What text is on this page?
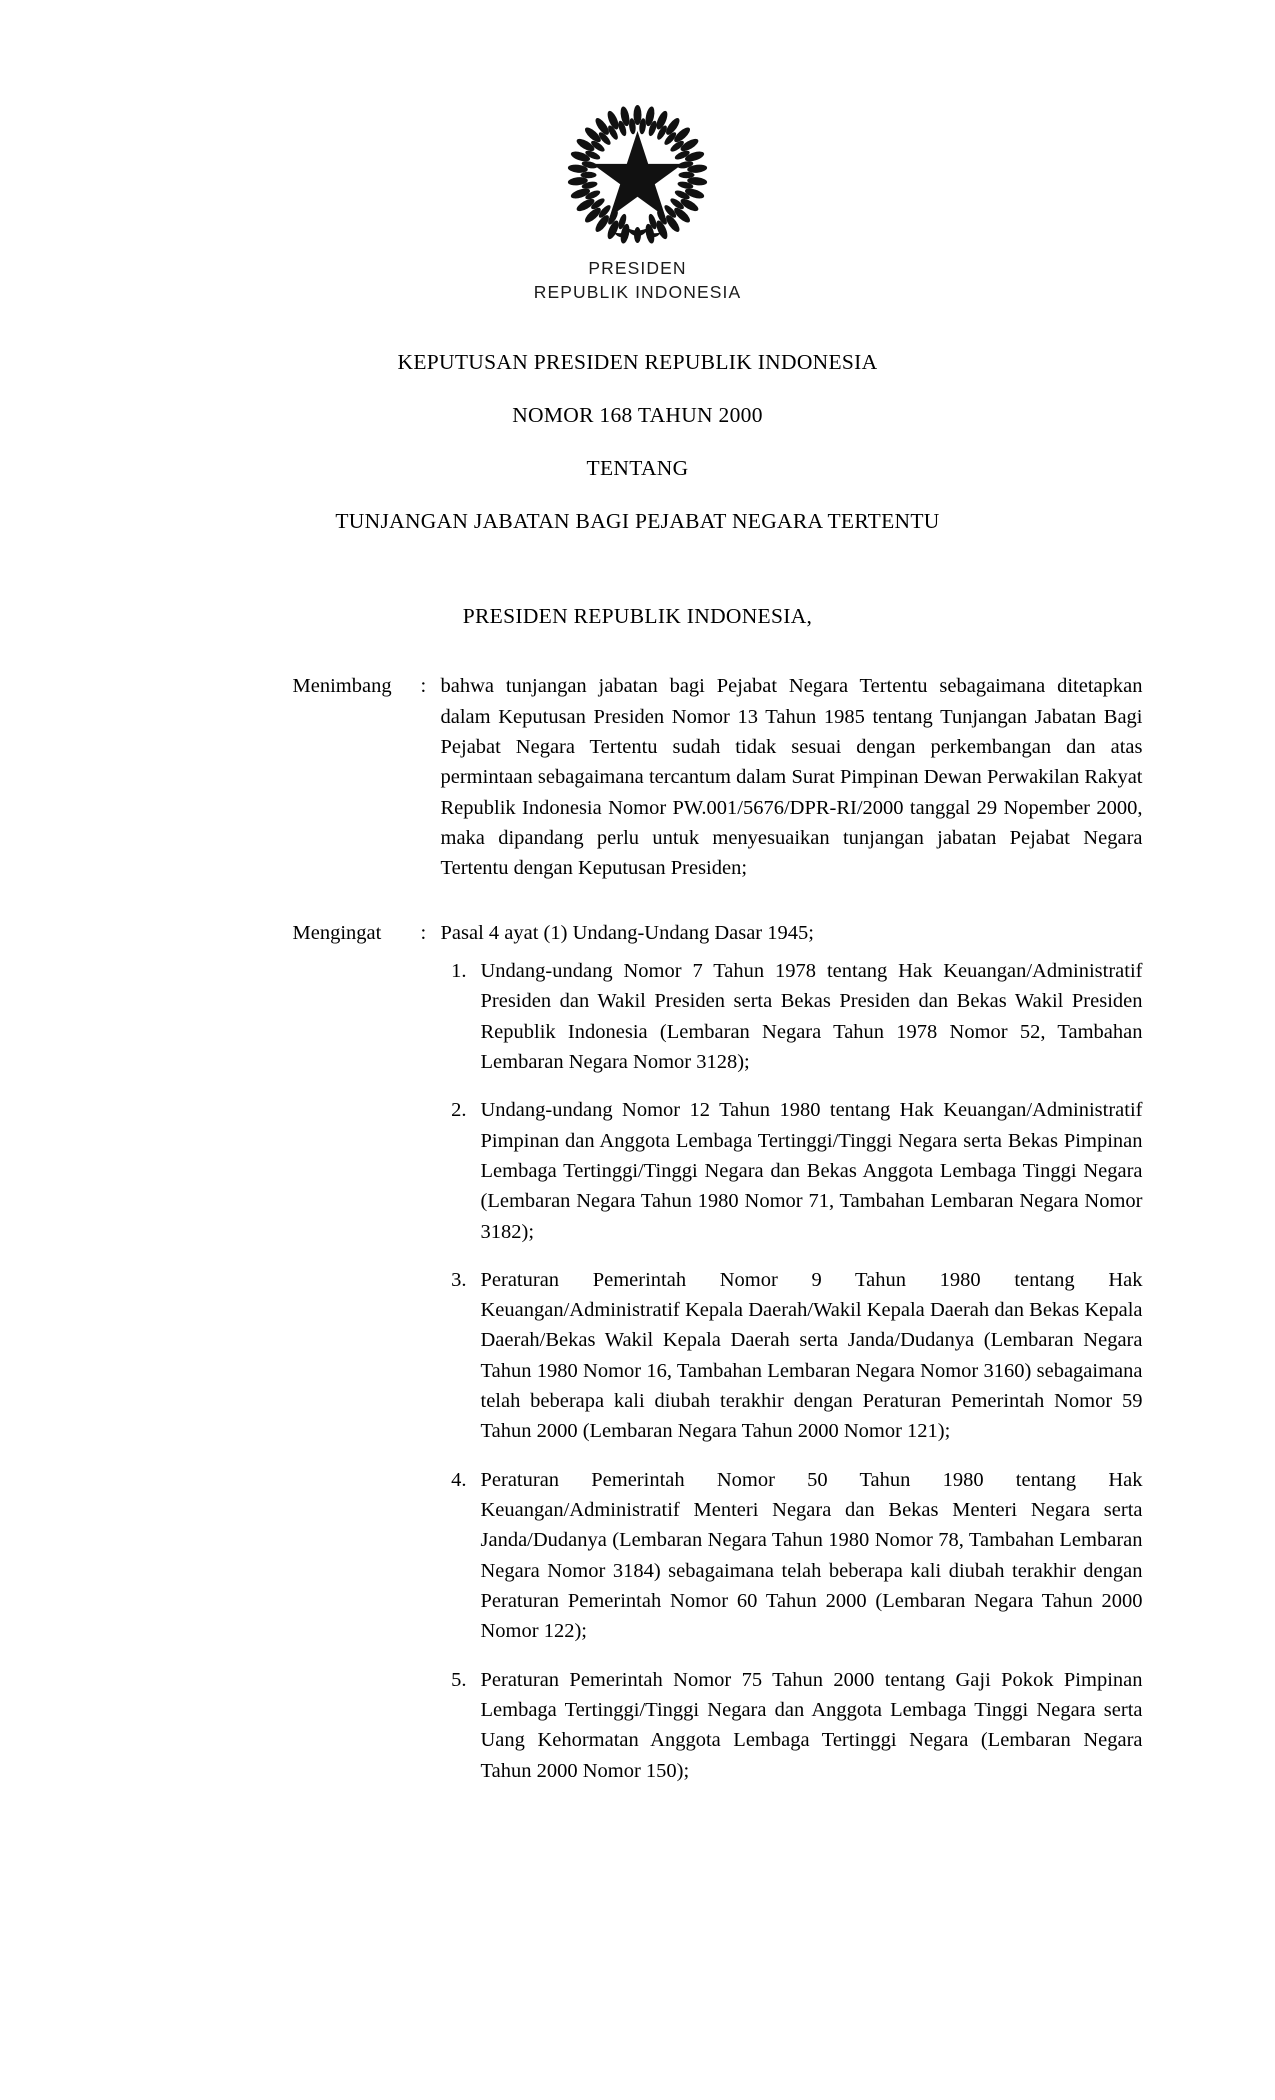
PRESIDEN
REPUBLIK INDONESIA
KEPUTUSAN PRESIDEN REPUBLIK INDONESIA
NOMOR 168 TAHUN 2000
TENTANG
TUNJANGAN JABATAN BAGI PEJABAT NEGARA TERTENTU
PRESIDEN REPUBLIK INDONESIA,
Menimbang	: bahwa tunjangan jabatan bagi Pejabat Negara Tertentu sebagaimana ditetapkan dalam Keputusan Presiden Nomor 13 Tahun 1985 tentang Tunjangan Jabatan Bagi Pejabat Negara Tertentu sudah tidak sesuai dengan perkembangan dan atas permintaan sebagaimana tercantum dalam Surat Pimpinan Dewan Perwakilan Rakyat Republik Indonesia Nomor PW.001/5676/DPR-RI/2000 tanggal 29 Nopember 2000, maka dipandang perlu untuk menyesuaikan tunjangan jabatan Pejabat Negara Tertentu dengan Keputusan Presiden;

Mengingat	: Pasal 4 ayat (1) Undang-Undang Dasar 1945;

1. Undang-undang Nomor 7 Tahun 1978 tentang Hak Keuangan/Administratif Presiden dan Wakil Presiden serta Bekas Presiden dan Bekas Wakil Presiden Republik Indonesia (Lembaran Negara Tahun 1978 Nomor 52, Tambahan Lembaran Negara Nomor 3128);
2. Undang-undang Nomor 12 Tahun 1980 tentang Hak Keuangan/Administratif Pimpinan dan Anggota Lembaga Tertinggi/Tinggi Negara serta Bekas Pimpinan Lembaga Tertinggi/Tinggi Negara dan Bekas Anggota Lembaga Tinggi Negara (Lembaran Negara Tahun 1980 Nomor 71, Tambahan Lembaran Negara Nomor 3182);
3. Peraturan Pemerintah Nomor 9 Tahun 1980 tentang Hak Keuangan/Administratif Kepala Daerah/Wakil Kepala Daerah dan Bekas Kepala Daerah/Bekas Wakil Kepala Daerah serta Janda/Dudanya (Lembaran Negara Tahun 1980 Nomor 16, Tambahan Lembaran Negara Nomor 3160) sebagaimana telah beberapa kali diubah terakhir dengan Peraturan Pemerintah Nomor 59 Tahun 2000 (Lembaran Negara Tahun 2000 Nomor 121);
4. Peraturan Pemerintah Nomor 50 Tahun 1980 tentang Hak Keuangan/Administratif Menteri Negara dan Bekas Menteri Negara serta Janda/Dudanya (Lembaran Negara Tahun 1980 Nomor 78, Tambahan Lembaran Negara Nomor 3184) sebagaimana telah beberapa kali diubah terakhir dengan Peraturan Pemerintah Nomor 60 Tahun 2000 (Lembaran Negara Tahun 2000 Nomor 122);
5. Peraturan Pemerintah Nomor 75 Tahun 2000 tentang Gaji Pokok Pimpinan Lembaga Tertinggi/Tinggi Negara dan Anggota Lembaga Tinggi Negara serta Uang Kehormatan Anggota Lembaga Tertinggi Negara (Lembaran Negara Tahun 2000 Nomor 150);
